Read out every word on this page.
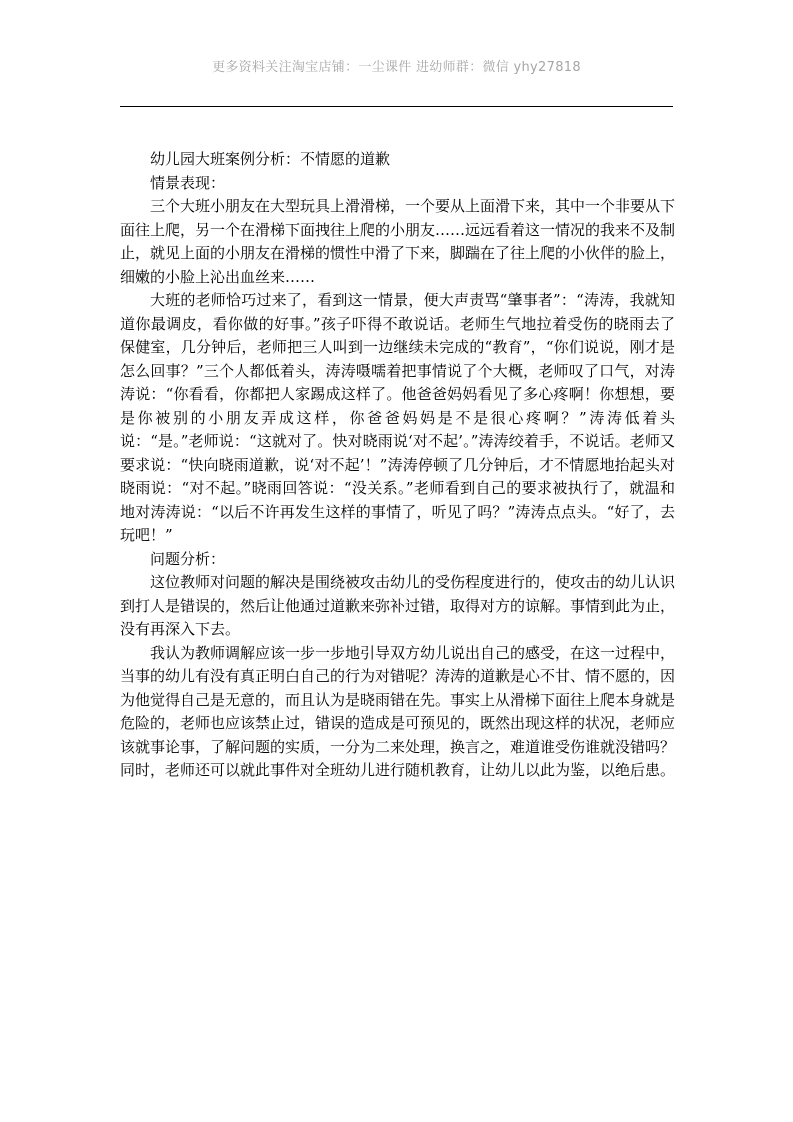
更多资料关注淘宝店铺：一尘课件 进幼师群：微信 yhy27818

幼儿园大班案例分析：不情愿的道歉

情景表现：

三个大班小朋友在大型玩具上滑滑梯，一个要从上面滑下来，其中一个非要从下面往上爬，另一个在滑梯下面拽往上爬的小朋友……远远看着这一情况的我来不及制止，就见上面的小朋友在滑梯的惯性中滑了下来，脚踹在了往上爬的小伙伴的脸上，细嫩的小脸上沁出血丝来……

大班的老师恰巧过来了，看到这一情景，便大声责骂“肇事者”：“涛涛，我就知道你最调皮，看你做的好事。”孩子吓得不敢说话。老师生气地拉着受伤的晓雨去了保健室，几分钟后，老师把三人叫到一边继续未完成的“教育”，“你们说说，刚才是怎么回事？”三个人都低着头，涛涛嗫嚅着把事情说了个大概，老师叹了口气，对涛涛说：“你看看，你都把人家踢成这样了。他爸爸妈妈看见了多心疼啊！你想想，要是你被别的小朋友弄成这样，你爸爸妈妈是不是很心疼啊？”涛涛低着头说：“是。”老师说：“这就对了。快对晓雨说‘对不起’。”涛涛绞着手，不说话。老师又要求说：“快向晓雨道歉，说‘对不起’！”涛涛停顿了几分钟后，才不情愿地抬起头对晓雨说：“对不起。”晓雨回答说：“没关系。”老师看到自己的要求被执行了，就温和地对涛涛说：“以后不许再发生这样的事情了，听见了吗？”涛涛点点头。“好了，去玩吧！”

问题分析：

这位教师对问题的解决是围绕被攻击幼儿的受伤程度进行的，使攻击的幼儿认识到打人是错误的，然后让他通过道歉来弥补过错，取得对方的谅解。事情到此为止，没有再深入下去。

我认为教师调解应该一步一步地引导双方幼儿说出自己的感受，在这一过程中，当事的幼儿有没有真正明白自己的行为对错呢？涛涛的道歉是心不甘、情不愿的，因为他觉得自己是无意的，而且认为是晓雨错在先。事实上从滑梯下面往上爬本身就是危险的，老师也应该禁止过，错误的造成是可预见的，既然出现这样的状况，老师应该就事论事，了解问题的实质，一分为二来处理，换言之，难道谁受伤谁就没错吗？同时，老师还可以就此事件对全班幼儿进行随机教育，让幼儿以此为鉴，以绝后患。
